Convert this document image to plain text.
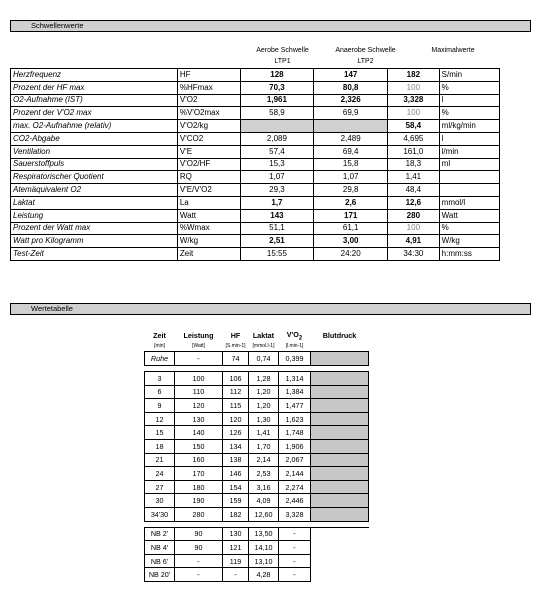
Schwellenwerte
Aerobe Schwelle
LTP1
Anaerobe Schwelle
LTP2
Maximalwerte
Herzfrequenz	HF	128	147	182	S/min
Prozent der HF max	%HFmax	70,3	80,8	100	%
O2-Aufnahme (IST)	V'O2	1,961	2,326	3,328	l
Prozent der V'O2 max	%V'O2max	58,9	69,9	100	%
max. O2-Aufnahme (relativ)	V'O2/kg			58,4	ml/kg/min
CO2-Abgabe	V'CO2	2,089	2,489	4,695	l
Ventilation	V'E	57,4	69,4	161,0	l/min
Sauerstoffpuls	V'O2/HF	15,3	15,8	18,3	ml
Respiratorischer Quotient	RQ	1,07	1,07	1,41	
Atemäquivalent O2	V'E/V'O2	29,3	29,8	48,4	
Laktat	La	1,7	2,6	12,6	mmol/l
Leistung	Watt	143	171	280	Watt
Prozent der Watt max	%Wmax	51,1	61,1	100	%
Watt pro Kilogramm	W/kg	2,51	3,00	4,91	W/kg
Test-Zeit	Zeit	15:55	24:20	34:30	h:mm:ss
Wertetabelle
Zeit	Leistung	HF	Laktat	$V'O_2$	Blutdruck
[min]	[Watt]	[S.min-1]	[mmol.l-1]	[l.min-1]	
Ruhe	-	74	0,74	0,399	

3	100	106	1,28	1,314	
6	110	112	1,20	1,384	
9	120	115	1,20	1,477	
12	130	120	1,30	1,623	
15	140	126	1,41	1,748	
18	150	134	1,70	1,906	
21	160	138	2,14	2,067	
24	170	146	2,53	2,144	
27	180	154	3,16	2,274	
30	190	159	4,09	2,446	
34'30	280	182	12,60	3,328	

NB 2'	90	130	13,50	-	
NB 4'	90	121	14,10	-	
NB 6'	-	119	13,10	-	
NB 20'	-	-	4,28	-	
